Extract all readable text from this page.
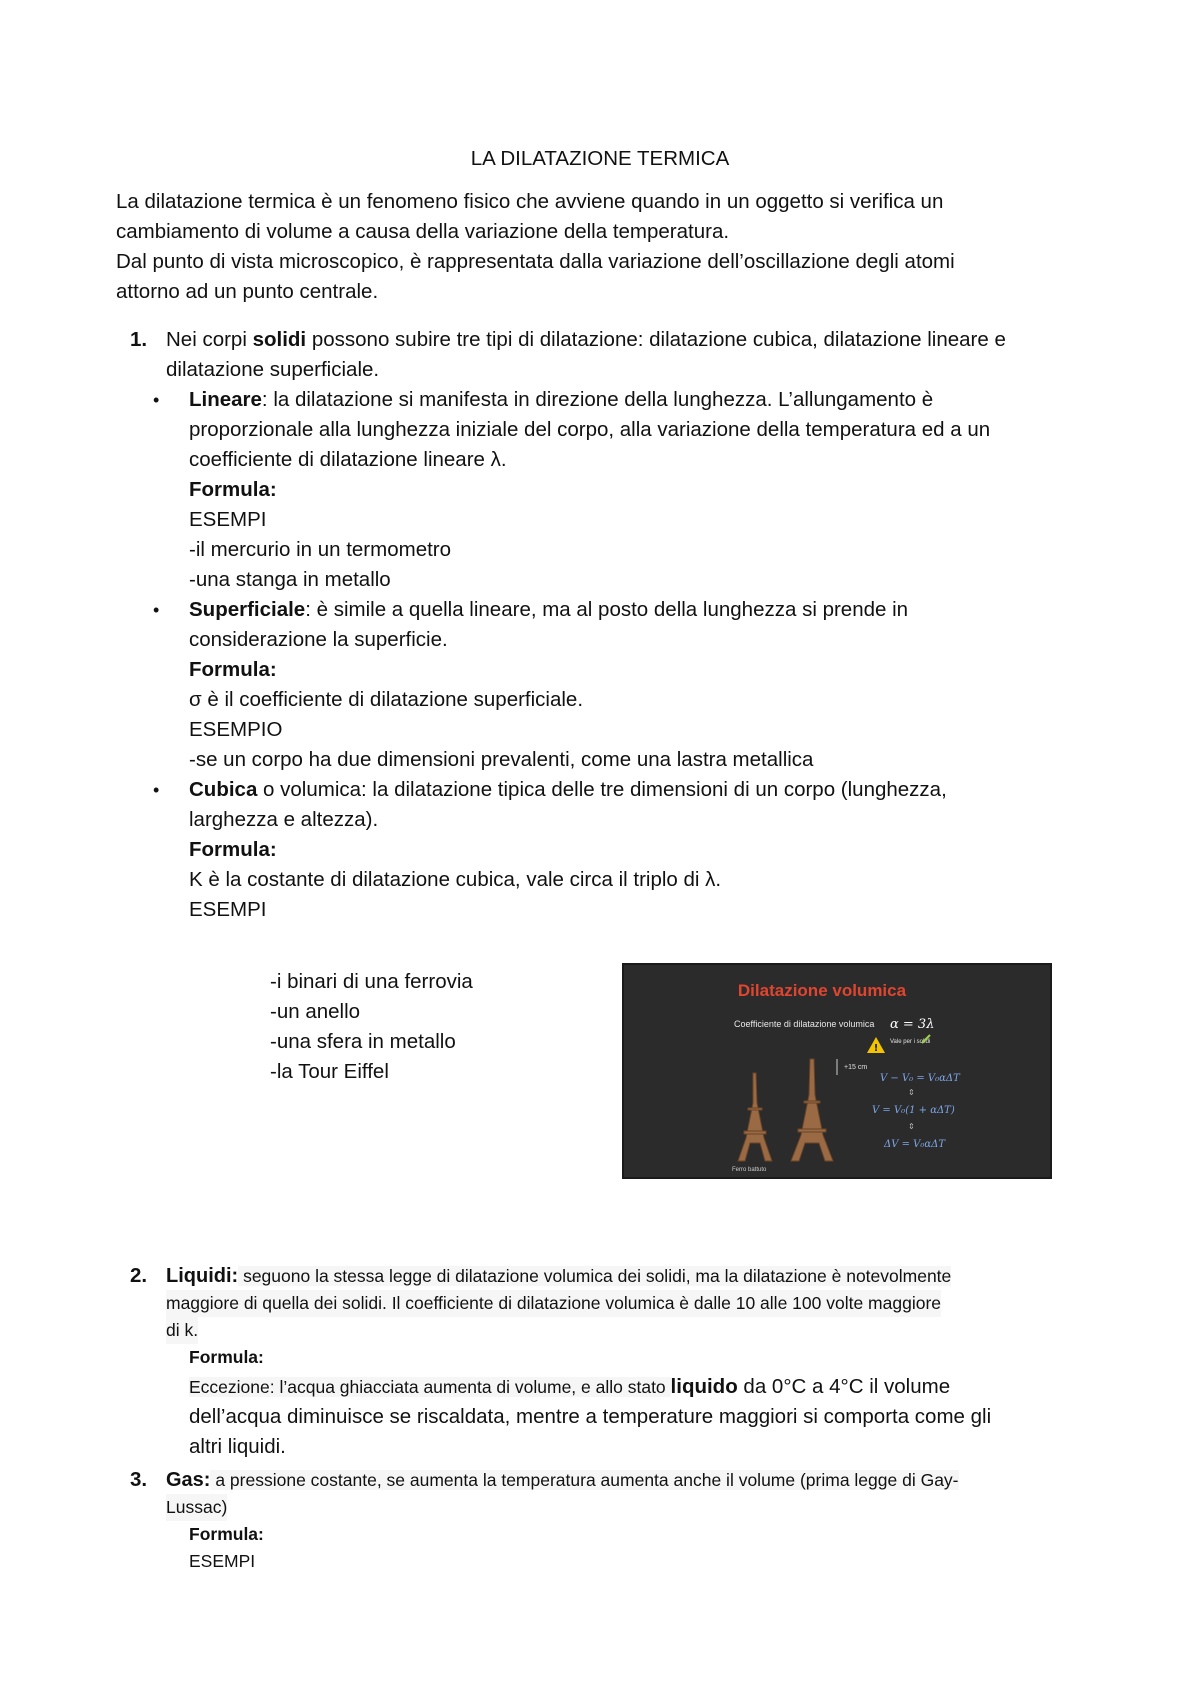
LA DILATAZIONE TERMICA
La dilatazione termica è un fenomeno fisico che avviene quando in un oggetto si verifica un
cambiamento di volume a causa della variazione della temperatura.
Dal punto di vista microscopico, è rappresentata dalla variazione dell’oscillazione degli atomi
attorno ad un punto centrale.
1. Nei corpi solidi possono subire tre tipi di dilatazione: dilatazione cubica, dilatazione lineare e
dilatazione superficiale.
• Lineare: la dilatazione si manifesta in direzione della lunghezza. L’allungamento è
proporzionale alla lunghezza iniziale del corpo, alla variazione della temperatura ed a un
coefficiente di dilatazione lineare λ.
Formula:
ESEMPI
-il mercurio in un termometro
-una stanga in metallo
• Superficiale: è simile a quella lineare, ma al posto della lunghezza si prende in
considerazione la superficie.
Formula:
σ è il coefficiente di dilatazione superficiale.
ESEMPIO
-se un corpo ha due dimensioni prevalenti, come una lastra metallica
• Cubica o volumica: la dilatazione tipica delle tre dimensioni di un corpo (lunghezza,
larghezza e altezza).
Formula:
K è la costante di dilatazione cubica, vale circa il triplo di λ.
ESEMPI
-i binari di una ferrovia
-un anello
-una sfera in metallo
-la Tour Eiffel
Dilatazione volumica
Coefficiente di dilatazione volumica α = 3λ
!
Vale per i solidi
+15 cm
V − V₀ = V₀αΔT
⇕
V = V₀(1 + αΔT)
⇕
ΔV = V₀αΔT
Ferro battuto
2. Liquidi: seguono la stessa legge di dilatazione volumica dei solidi, ma la dilatazione è notevolmente
maggiore di quella dei solidi. Il coefficiente di dilatazione volumica è dalle 10 alle 100 volte maggiore
di k.
Formula:
Eccezione: l’acqua ghiacciata aumenta di volume, e allo stato liquido da 0°C a 4°C il volume
dell’acqua diminuisce se riscaldata, mentre a temperature maggiori si comporta come gli
altri liquidi.
3. Gas: a pressione costante, se aumenta la temperatura aumenta anche il volume (prima legge di Gay-
Lussac)
Formula:
ESEMPI
